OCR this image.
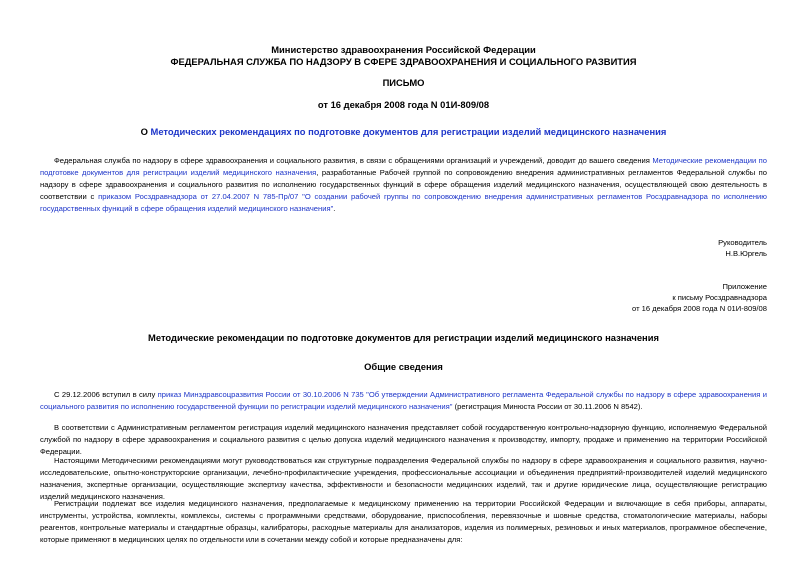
Министерство здравоохранения Российской Федерации
ФЕДЕРАЛЬНАЯ СЛУЖБА ПО НАДЗОРУ В СФЕРЕ ЗДРАВООХРАНЕНИЯ И СОЦИАЛЬНОГО РАЗВИТИЯ
ПИСЬМО
от 16 декабря 2008 года N 01И-809/08
О Методических рекомендациях по подготовке документов для регистрации изделий медицинского назначения
Федеральная служба по надзору в сфере здравоохранения и социального развития, в связи с обращениями организаций и учреждений, доводит до вашего сведения Методические рекомендации по подготовке документов для регистрации изделий медицинского назначения, разработанные Рабочей группой по сопровождению внедрения административных регламентов Федеральной службы по надзору в сфере здравоохранения и социального развития по исполнению государственных функций в сфере обращения изделий медицинского назначения, осуществляющей свою деятельность в соответствии с приказом Росздравнадзора от 27.04.2007 N 785-Пр/07 "О создании рабочей группы по сопровождению внедрения административных регламентов Росздравнадзора по исполнению государственных функций в сфере обращения изделий медицинского назначения".
Руководитель
Н.В.Юргель
Приложение
к письму Росздравнадзора
от 16 декабря 2008 года N 01И-809/08
Методические рекомендации по подготовке документов для регистрации изделий медицинского назначения
Общие сведения
С 29.12.2006 вступил в силу приказ Минздравсоцразвития России от 30.10.2006 N 735 "Об утверждении Административного регламента Федеральной службы по надзору в сфере здравоохранения и социального развития по исполнению государственной функции по регистрации изделий медицинского назначения" (регистрация Минюста России от 30.11.2006 N 8542).
В соответствии с Административным регламентом регистрация изделий медицинского назначения представляет собой государственную контрольно-надзорную функцию, исполняемую Федеральной службой по надзору в сфере здравоохранения и социального развития с целью допуска изделий медицинского назначения к производству, импорту, продаже и применению на территории Российской Федерации.
Настоящими Методическими рекомендациями могут руководствоваться как структурные подразделения Федеральной службы по надзору в сфере здравоохранения и социального развития, научно-исследовательские, опытно-конструкторские организации, лечебно-профилактические учреждения, профессиональные ассоциации и объединения предприятий-производителей изделий медицинского назначения, экспертные организации, осуществляющие экспертизу качества, эффективности и безопасности медицинских изделий, так и другие юридические лица, осуществляющие регистрацию изделий медицинского назначения.
Регистрации подлежат все изделия медицинского назначения, предполагаемые к медицинскому применению на территории Российской Федерации и включающие в себя приборы, аппараты, инструменты, устройства, комплекты, комплексы, системы с программными средствами, оборудование, приспособления, перевязочные и шовные средства, стоматологические материалы, наборы реагентов, контрольные материалы и стандартные образцы, калибраторы, расходные материалы для анализаторов, изделия из полимерных, резиновых и иных материалов, программное обеспечение, которые применяют в медицинских целях по отдельности или в сочетании между собой и которые предназначены для:
